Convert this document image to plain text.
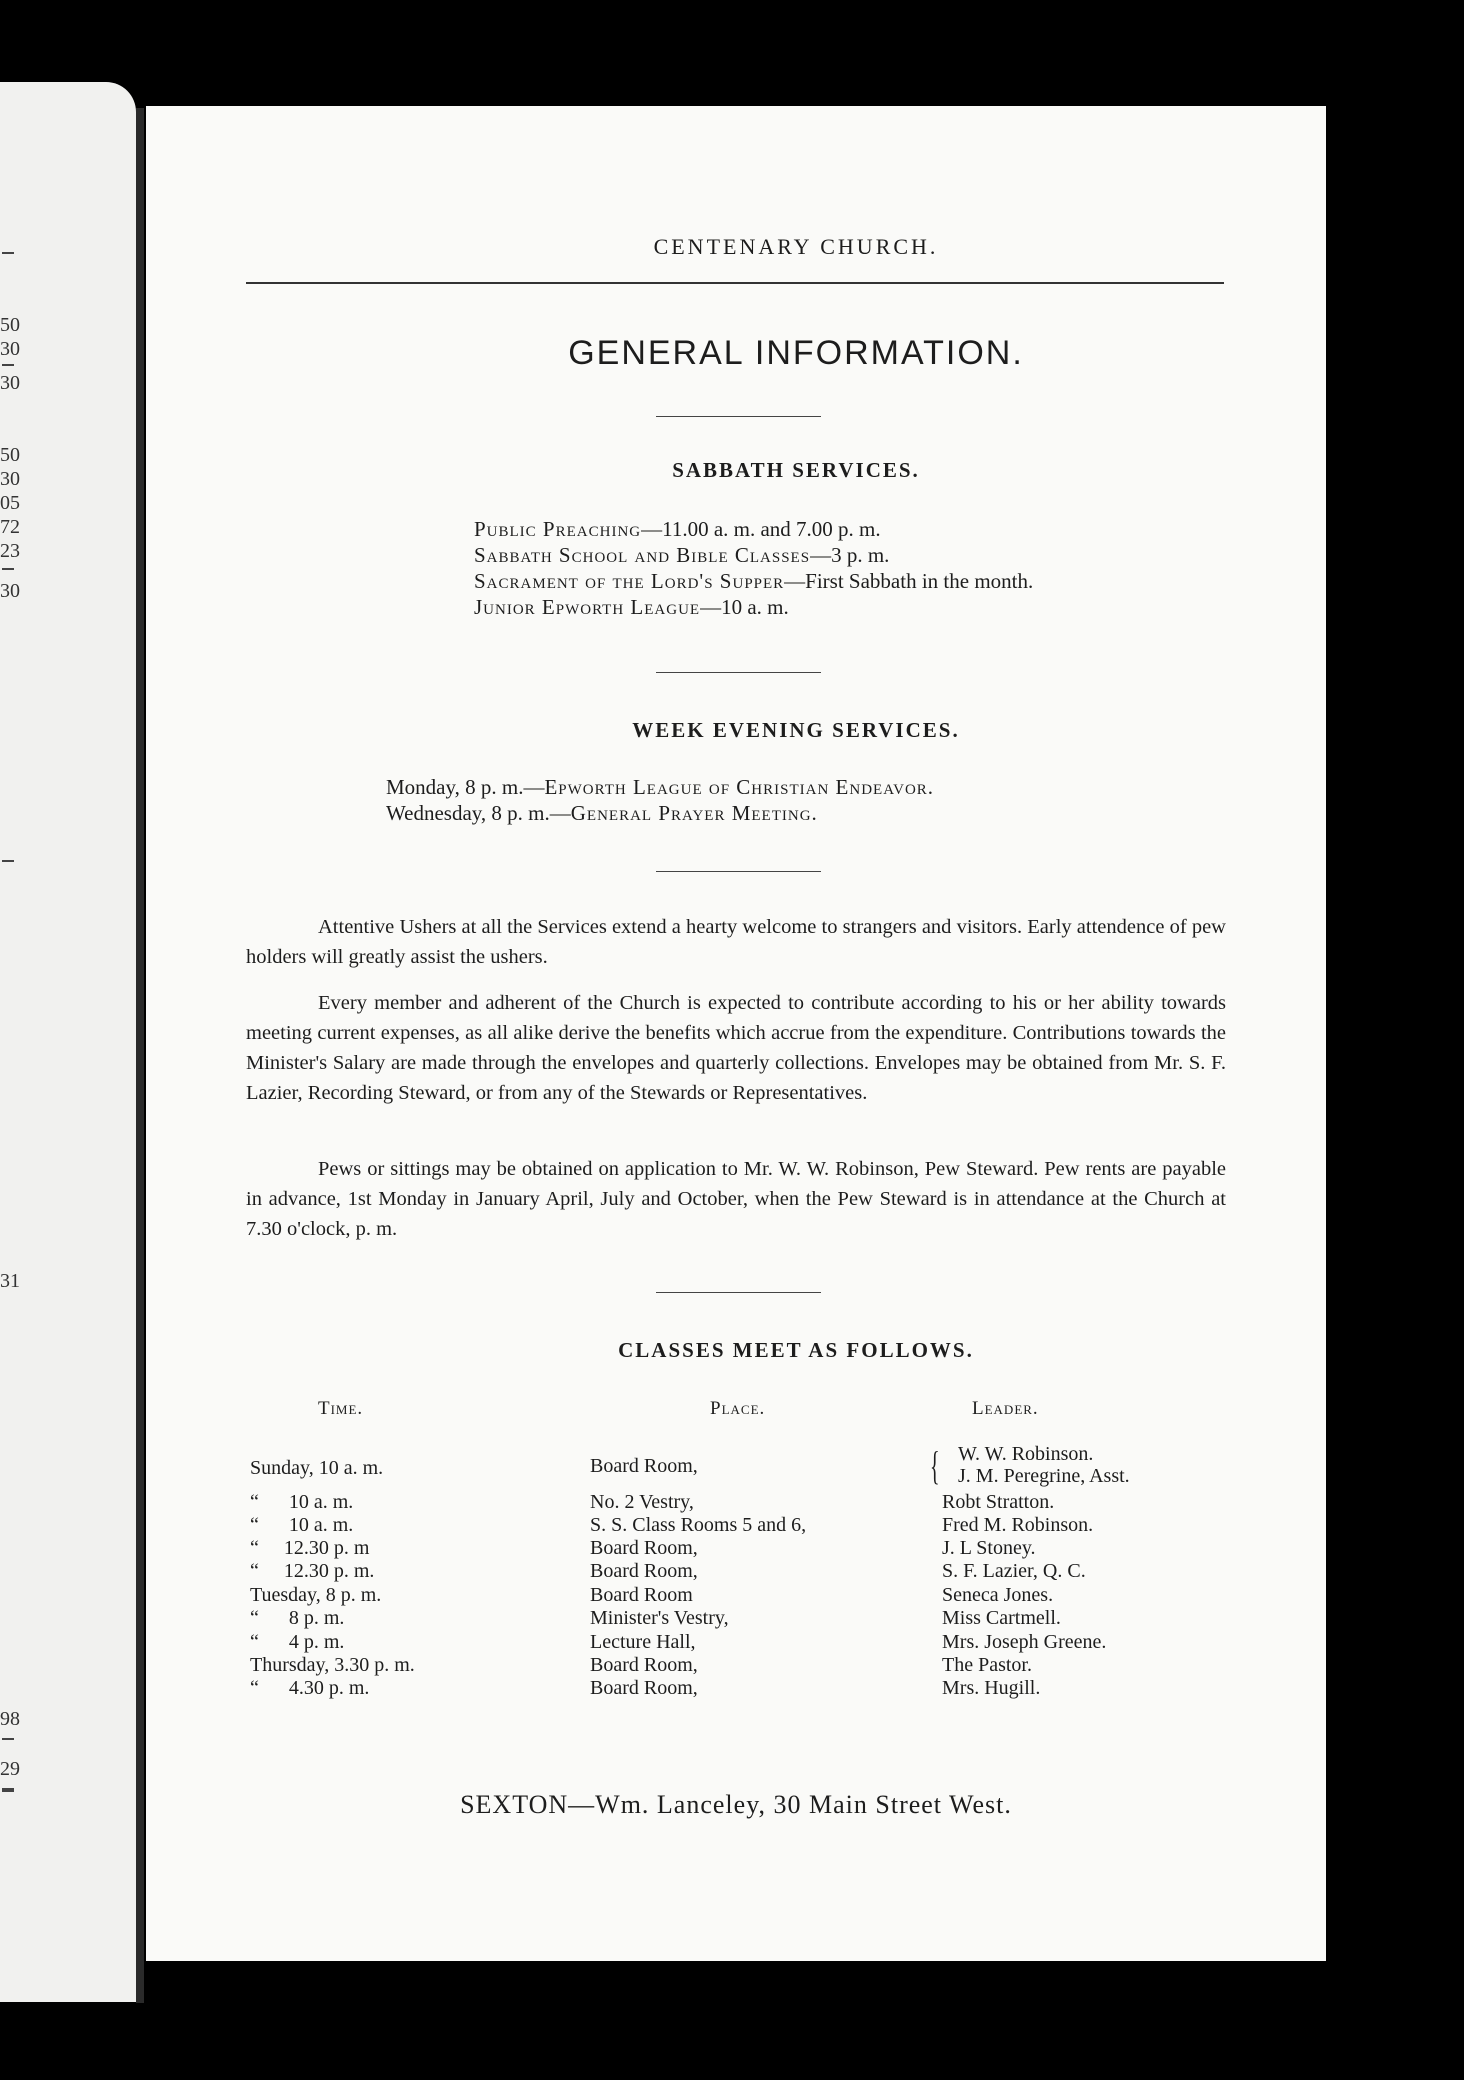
50
30
30
50
30
05
72
23
30
31
98
29
CENTENARY CHURCH.
GENERAL INFORMATION.
SABBATH SERVICES.
Public Preaching—11.00 a. m. and 7.00 p. m.
Sabbath School and Bible Classes—3 p. m.
Sacrament of the Lord's Supper—First Sabbath in the month.
Junior Epworth League—10 a. m.
WEEK EVENING SERVICES.
Monday, 8 p. m.—Epworth League of Christian Endeavor.
Wednesday, 8 p. m.—General Prayer Meeting.

Attentive Ushers at all the Services extend a hearty welcome to strangers and visitors. Early attendence of pew holders will greatly assist the ushers.

Every member and adherent of the Church is expected to contribute according to his or her ability towards meeting current expenses, as all alike derive the benefits which accrue from the expenditure. Contributions towards the Minister's Salary are made through the envelopes and quarterly collections. Envelopes may be obtained from Mr. S. F. Lazier, Recording Steward, or from any of the Stewards or Representatives.

Pews or sittings may be obtained on application to Mr. W. W. Robinson, Pew Steward. Pew rents are payable in advance, 1st Monday in January April, July and October, when the Pew Steward is in attendance at the Church at 7.30 o'clock, p. m.

CLASSES MEET AS FOLLOWS.
Time.	Place.	Leader.
Sunday, 10 a. m.	Board Room,	{ W. W. Robinson.
J. M. Peregrine, Asst.
“      10 a. m.	No. 2 Vestry,	Robt Stratton.
“      10 a. m.	S. S. Class Rooms 5 and 6,	Fred M. Robinson.
“     12.30 p. m	Board Room,	J. L Stoney.
“     12.30 p. m.	Board Room,	S. F. Lazier, Q. C.
Tuesday, 8 p. m.	Board Room	Seneca Jones.
“      8 p. m.	Minister's Vestry,	Miss Cartmell.
“      4 p. m.	Lecture Hall,	Mrs. Joseph Greene.
Thursday, 3.30 p. m.	Board Room,	The Pastor.
“      4.30 p. m.	Board Room,	Mrs. Hugill.
SEXTON—Wm. Lanceley, 30 Main Street West.
